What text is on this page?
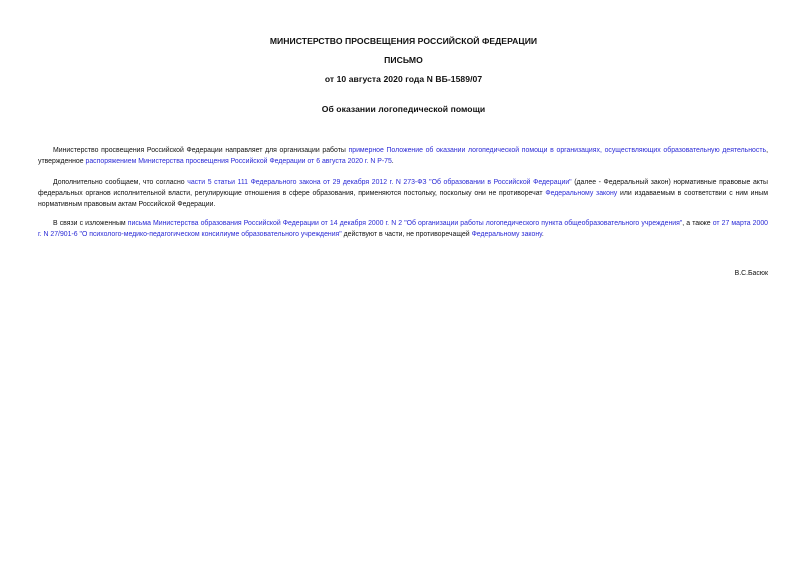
МИНИСТЕРСТВО ПРОСВЕЩЕНИЯ РОССИЙСКОЙ ФЕДЕРАЦИИ
ПИСЬМО
от 10 августа 2020 года N ВБ-1589/07
Об оказании логопедической помощи

Министерство просвещения Российской Федерации направляет для организации работы примерное Положение об оказании логопедической помощи в организациях, осуществляющих образовательную деятельность, утвержденное распоряжением Министерства просвещения Российской Федерации от 6 августа 2020 г. N Р-75.

Дополнительно сообщаем, что согласно части 5 статьи 111 Федерального закона от 29 декабря 2012 г. N 273-ФЗ "Об образовании в Российской Федерации" (далее - Федеральный закон) нормативные правовые акты федеральных органов исполнительной власти, регулирующие отношения в сфере образования, применяются постольку, поскольку они не противоречат Федеральному закону или издаваемым в соответствии с ним иным нормативным правовым актам Российской Федерации.

В связи с изложенным письма Министерства образования Российской Федерации от 14 декабря 2000 г. N 2 "Об организации работы логопедического пункта общеобразовательного учреждения", а также от 27 марта 2000 г. N 27/901-6 "О психолого-медико-педагогическом консилиуме образовательного учреждения" действуют в части, не противоречащей Федеральному закону.

В.С.Басюк
